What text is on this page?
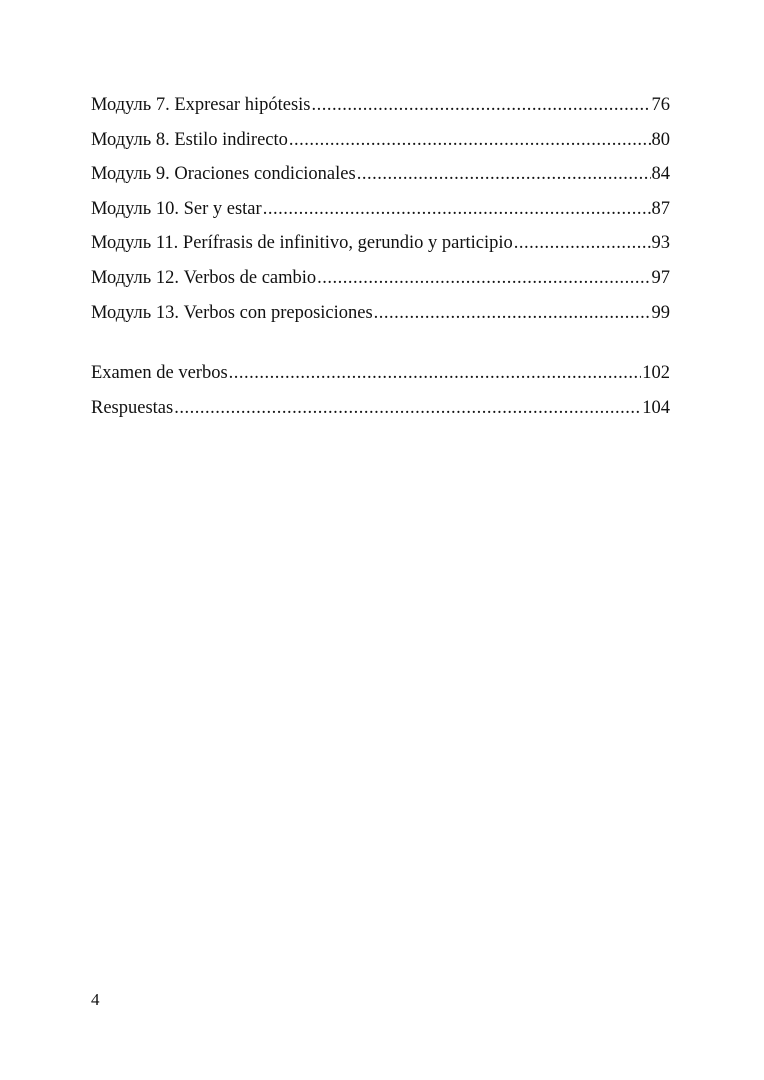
Модуль 7. Expresar hipótesis .....	76
Модуль 8. Estilo indirecto .....	80
Модуль 9. Oraciones condicionales .....	84
Модуль 10. Ser y estar .....	87
Модуль 11. Perífrasis de infinitivo, gerundio y participio .....	93
Модуль 12. Verbos de cambio .....	97
Модуль 13. Verbos con preposiciones .....	99
Examen de verbos .....	102
Respuestas .....	104
4
